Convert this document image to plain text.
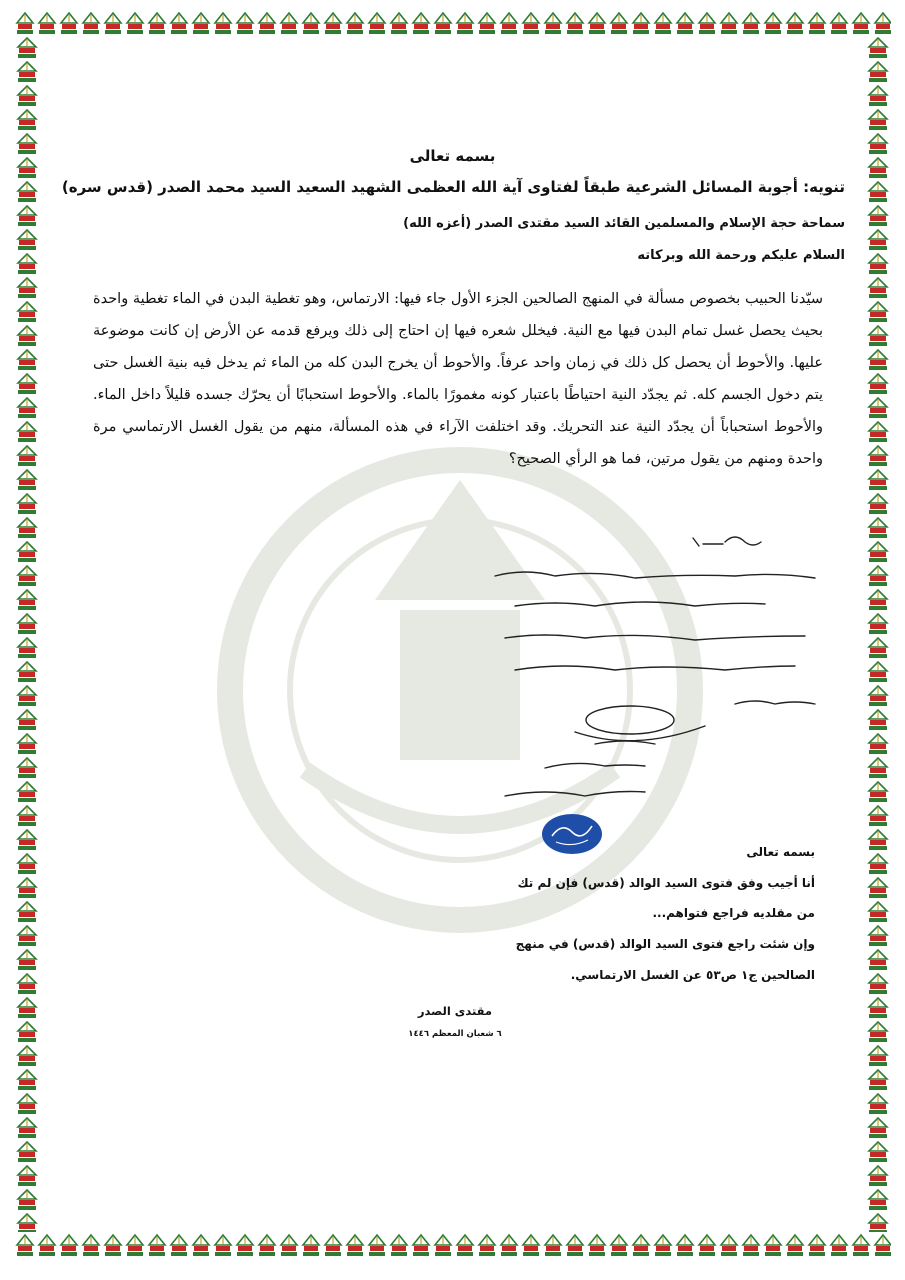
بسمه تعالى
تنويه: أجوبة المسائل الشرعية طبقاً لفتاوى آية الله العظمى الشهيد السعيد السيد محمد الصدر (قدس سره)
سماحة حجة الإسلام والمسلمين القائد السيد مقتدى الصدر (أعزه الله)
السلام عليكم ورحمة الله وبركاته
سيّدنا الحبيب بخصوص مسألة في المنهج الصالحين الجزء الأول جاء فيها: الارتماس، وهو تغطية البدن في الماء تغطية واحدة بحيث يحصل غسل تمام البدن فيها مع النية. فيخلل شعره فيها إن احتاج إلى ذلك ويرفع قدمه عن الأرض إن كانت موضوعة عليها. والأحوط أن يحصل كل ذلك في زمان واحد عرفاً. والأحوط أن يخرج البدن كله من الماء ثم يدخل فيه بنية الغسل حتى يتم دخول الجسم كله. ثم يجدّد النية احتياطًا باعتبار كونه مغمورًا بالماء. والأحوط استحبابًا أن يحرّك جسده قليلاً داخل الماء. والأحوط استحباباً أن يجدّد النية عند التحريك. وقد اختلفت الآراء في هذه المسألة، منهم من يقول الغسل الارتماسي مرة واحدة ومنهم من يقول مرتين، فما هو الرأي الصحيح؟
بسمه تعالى
أنا أجيب وفق فتوى السيد الوالد (قدس) فإن لم تك
من مقلديه فراجع فتواهم...
وإن شئت راجع فتوى السيد الوالد (قدس) في منهج
الصالحين ج١ ص٥٣ عن الغسل الارتماسي.
مقتدى الصدر
٦ شعبان المعظم ١٤٤٦
